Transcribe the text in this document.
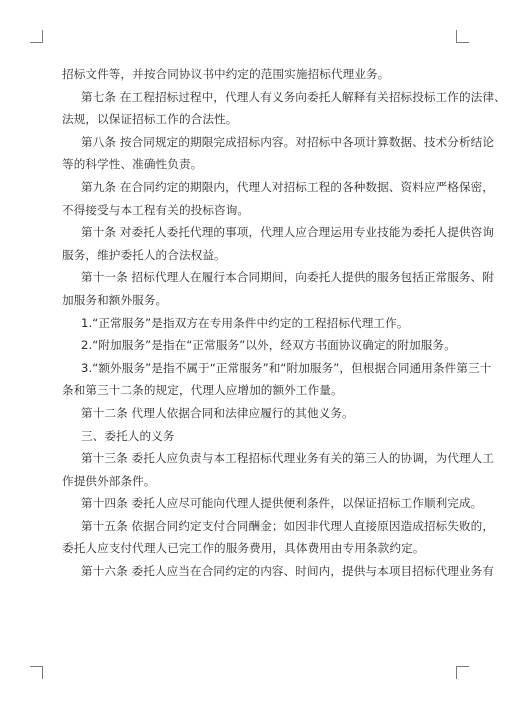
招标文件等，并按合同协议书中约定的范围实施招标代理业务。
第七条 在工程招标过程中，代理人有义务向委托人解释有关招标投标工作的法律、
法规，以保证招标工作的合法性。
第八条 按合同规定的期限完成招标内容。对招标中各项计算数据、技术分析结论
等的科学性、准确性负责。
第九条 在合同约定的期限内，代理人对招标工程的各种数据、资料应严格保密，
不得接受与本工程有关的投标咨询。
第十条 对委托人委托代理的事项，代理人应合理运用专业技能为委托人提供咨询
服务，维护委托人的合法权益。
第十一条 招标代理人在履行本合同期间，向委托人提供的服务包括正常服务、附
加服务和额外服务。
1.“正常服务”是指双方在专用条件中约定的工程招标代理工作。
2.“附加服务”是指在“正常服务”以外，经双方书面协议确定的附加服务。
3.“额外服务”是指不属于“正常服务”和“附加服务”，但根据合同通用条件第三十
条和第三十二条的规定，代理人应增加的额外工作量。
第十二条 代理人依据合同和法律应履行的其他义务。
三、委托人的义务
第十三条 委托人应负责与本工程招标代理业务有关的第三人的协调，为代理人工
作提供外部条件。
第十四条 委托人应尽可能向代理人提供便利条件，以保证招标工作顺利完成。
第十五条 依据合同约定支付合同酬金；如因非代理人直接原因造成招标失败的，
委托人应支付代理人已完工作的服务费用，具体费用由专用条款约定。
第十六条 委托人应当在合同约定的内容、时间内，提供与本项目招标代理业务有
